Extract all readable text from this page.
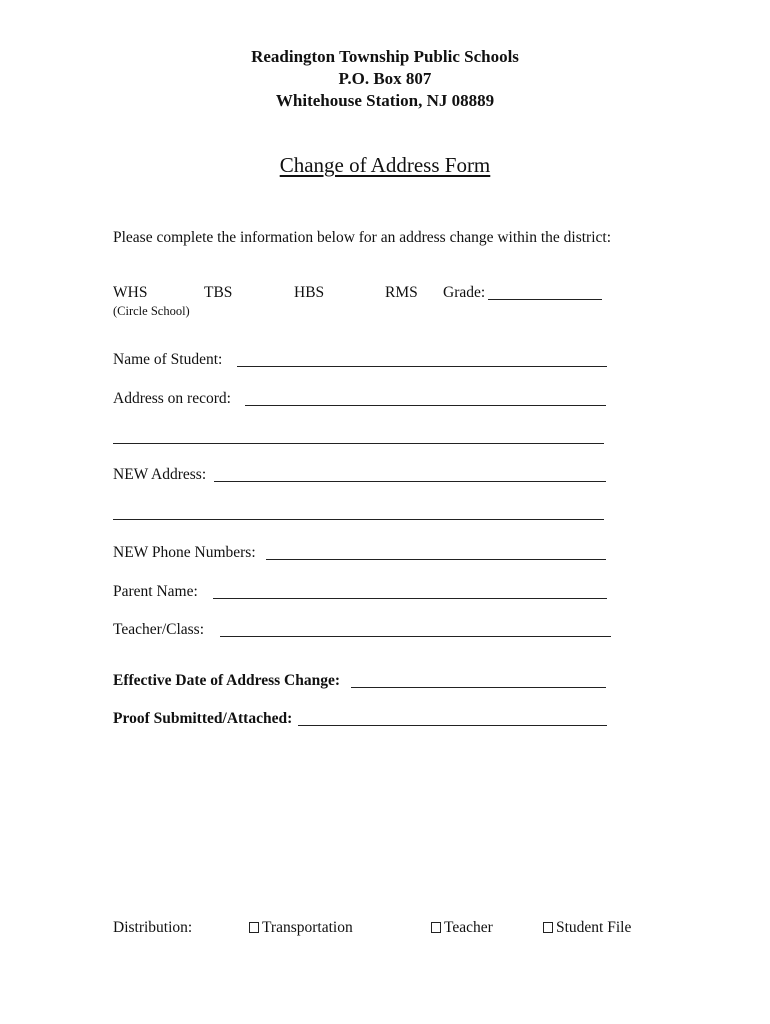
Readington Township Public Schools
P.O. Box 807
Whitehouse Station, NJ 08889
Change of Address Form
Please complete the information below for an address change within the district:
WHS	TBS	HBS	RMS Grade:
(Circle School)
Name of Student:
Address on record:
NEW Address:
NEW Phone Numbers:
Parent Name:
Teacher/Class:
Effective Date of Address Change:
Proof Submitted/Attached:
Distribution:	Transportation	Teacher	Student File
